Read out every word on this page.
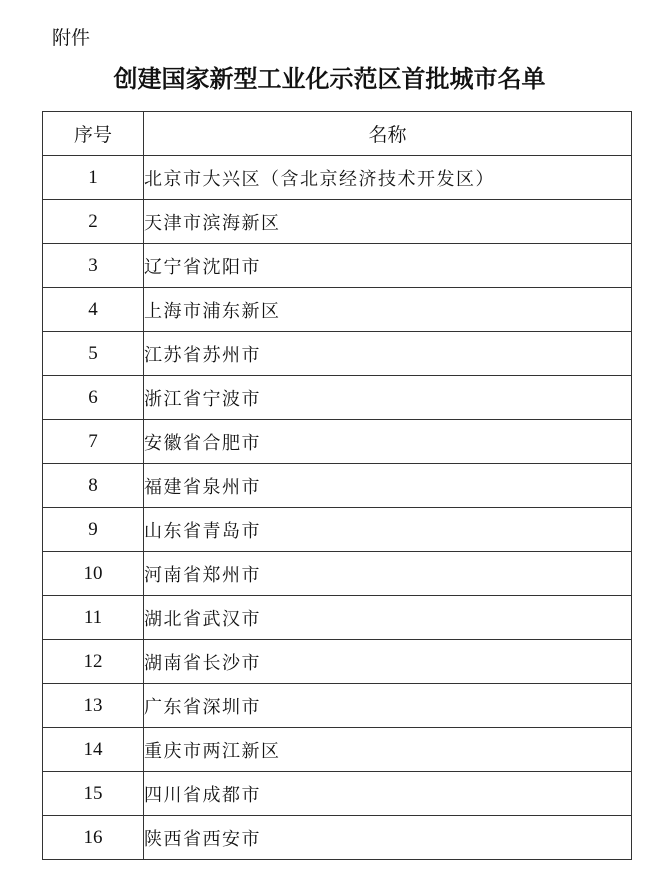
附件
创建国家新型工业化示范区首批城市名单
序号	名称
1	北京市大兴区（含北京经济技术开发区）
2	天津市滨海新区
3	辽宁省沈阳市
4	上海市浦东新区
5	江苏省苏州市
6	浙江省宁波市
7	安徽省合肥市
8	福建省泉州市
9	山东省青岛市
10	河南省郑州市
11	湖北省武汉市
12	湖南省长沙市
13	广东省深圳市
14	重庆市两江新区
15	四川省成都市
16	陕西省西安市
